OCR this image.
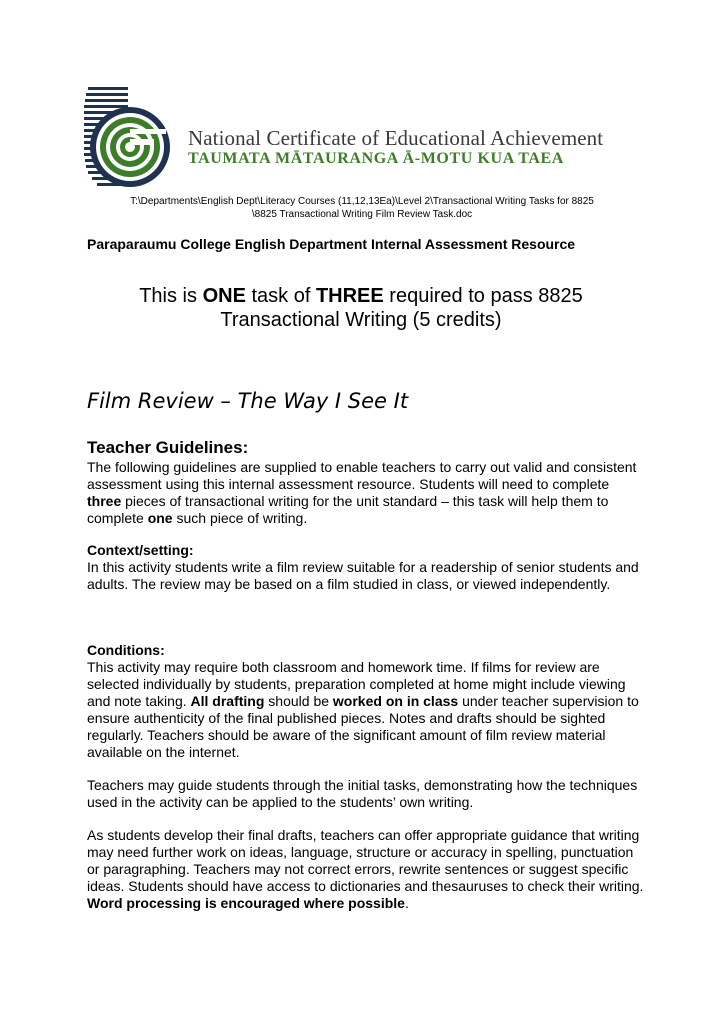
National Certificate of Educational Achievement
TAUMATA MĀTAURANGA Ā-MOTU KUA TAEA
T:\Departments\English Dept\Literacy Courses (11,12,13Ea)\Level 2\Transactional Writing Tasks for 8825
\8825 Transactional Writing Film Review Task.doc
Paraparaumu College English Department Internal Assessment Resource
This is ONE task of THREE required to pass 8825
Transactional Writing (5 credits)
Film Review – The Way I See It
Teacher Guidelines:
The following guidelines are supplied to enable teachers to carry out valid and consistent assessment using this internal assessment resource. Students will need to complete three pieces of transactional writing for the unit standard – this task will help them to complete one such piece of writing.
Context/setting:
In this activity students write a film review suitable for a readership of senior students and adults. The review may be based on a film studied in class, or viewed independently.
Conditions:
This activity may require both classroom and homework time. If films for review are selected individually by students, preparation completed at home might include viewing and note taking. All drafting should be worked on in class under teacher supervision to ensure authenticity of the final published pieces. Notes and drafts should be sighted regularly. Teachers should be aware of the significant amount of film review material available on the internet.
Teachers may guide students through the initial tasks, demonstrating how the techniques used in the activity can be applied to the students’ own writing.
As students develop their final drafts, teachers can offer appropriate guidance that writing may need further work on ideas, language, structure or accuracy in spelling, punctuation or paragraphing. Teachers may not correct errors, rewrite sentences or suggest specific ideas. Students should have access to dictionaries and thesauruses to check their writing. Word processing is encouraged where possible.
